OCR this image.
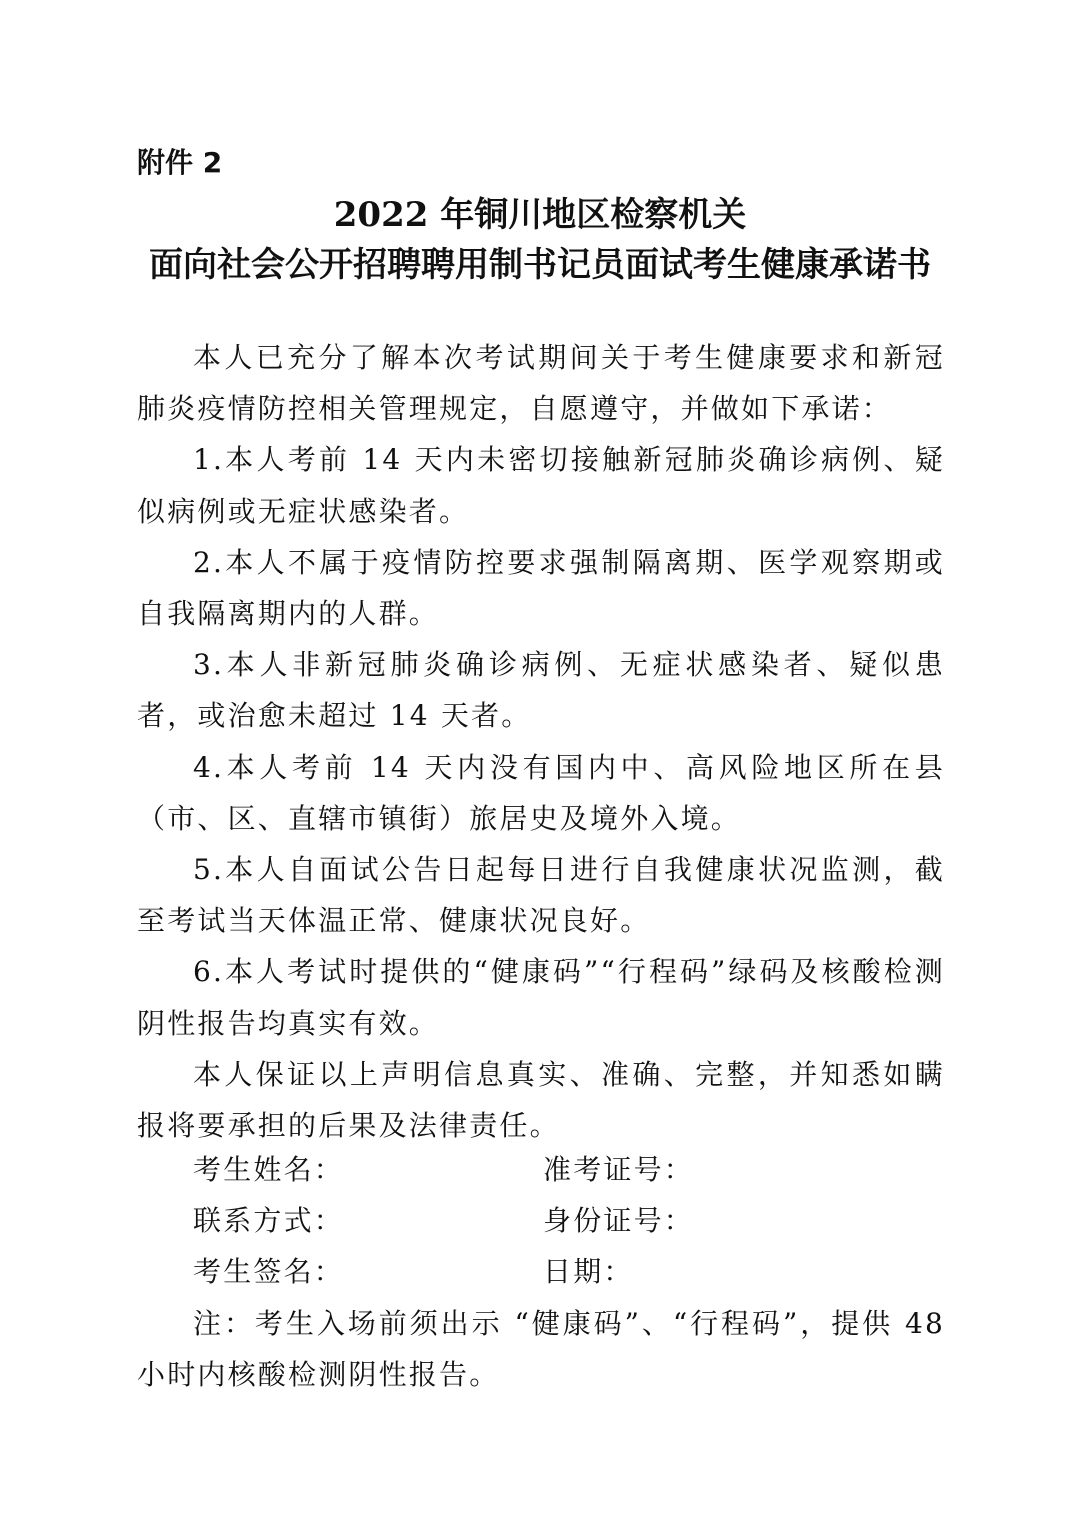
附件 2
2022 年铜川地区检察机关
面向社会公开招聘聘用制书记员面试考生健康承诺书

本人已充分了解本次考试期间关于考生健康要求和新冠肺炎疫情防控相关管理规定，自愿遵守，并做如下承诺：

1.本人考前 14 天内未密切接触新冠肺炎确诊病例、疑似病例或无症状感染者。

2.本人不属于疫情防控要求强制隔离期、医学观察期或自我隔离期内的人群。

3.本人非新冠肺炎确诊病例、无症状感染者、疑似患者，或治愈未超过 14 天者。

4.本人考前 14 天内没有国内中、高风险地区所在县（市、区、直辖市镇街）旅居史及境外入境。

5.本人自面试公告日起每日进行自我健康状况监测，截至考试当天体温正常、健康状况良好。

6.本人考试时提供的“健康码”“行程码”绿码及核酸检测阴性报告均真实有效。

本人保证以上声明信息真实、准确、完整，并知悉如瞒报将要承担的后果及法律责任。

考生姓名：	准考证号：
联系方式：	身份证号：
考生签名：	日期：

注：考生入场前须出示 “健康码”、“行程码”，提供 48 小时内核酸检测阴性报告。
